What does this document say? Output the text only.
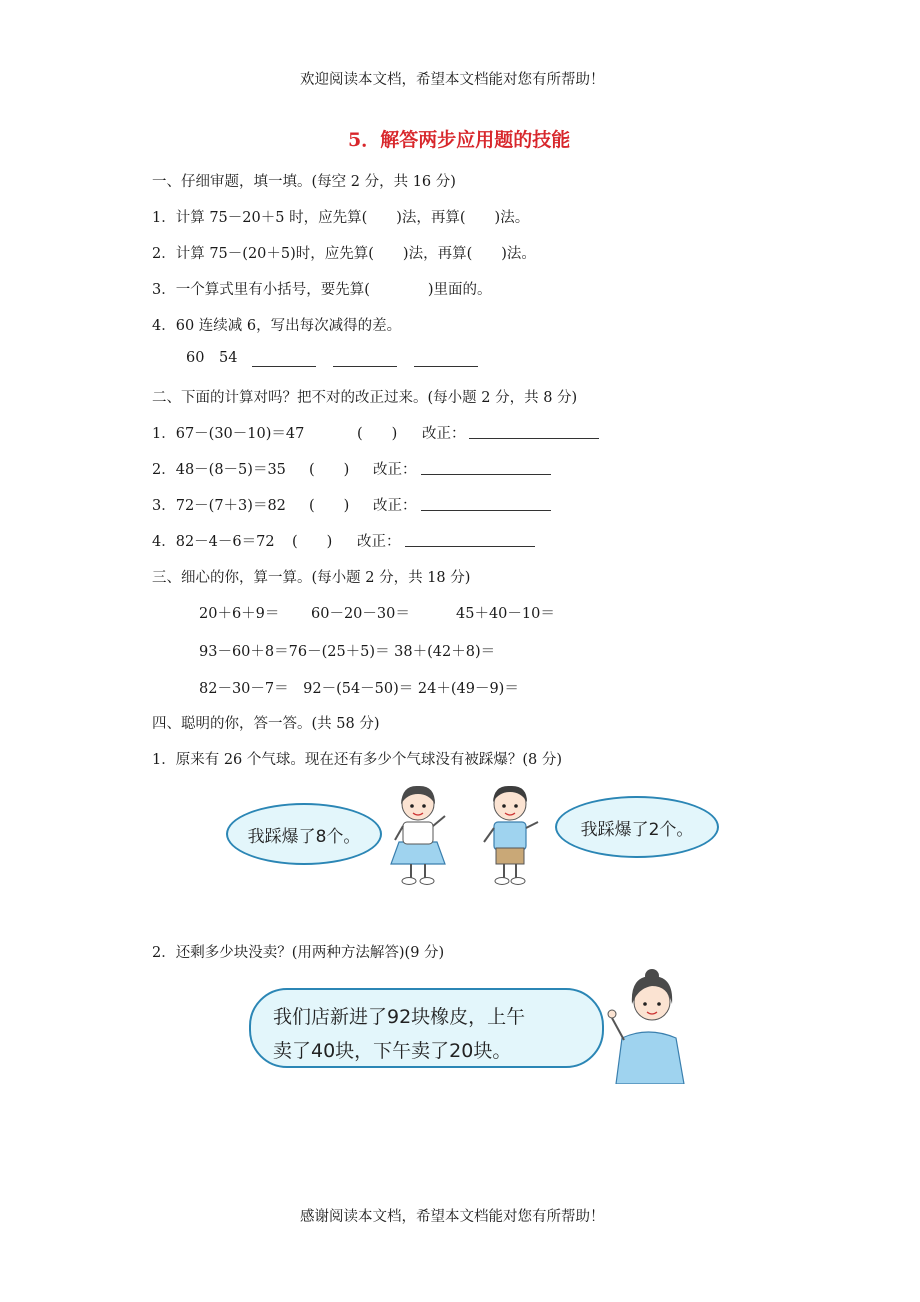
欢迎阅读本文档，希望本文档能对您有所帮助！
感谢阅读本文档，希望本文档能对您有所帮助！
5．解答两步应用题的技能
一、仔细审题，填一填。(每空 2 分，共 16 分)
1．计算 75－20＋5 时，应先算(　　)法，再算(　　)法。
2．计算 75－(20＋5)时，应先算(　　)法，再算(　　)法。
3．一个算式里有小括号，要先算(　　　　)里面的。
4．60 连续减 6，写出每次减得的差。
60 54
二、下面的计算对吗？把不对的改正过来。(每小题 2 分，共 8 分)
1．67－(30－10)＝47	(　　) 改正：
2．48－(8－5)＝35 (　　) 改正：
3．72－(7＋3)＝82 (　　) 改正：
4．82－4－6＝72 (　　) 改正：
三、细心的你，算一算。(每小题 2 分，共 18 分)
20＋6＋9＝ 60－20－30＝	45＋40－10＝
93－60＋8＝76－(25＋5)＝ 38＋(42＋8)＝
82－30－7＝　92－(54－50)＝ 24＋(49－9)＝
四、聪明的你，答一答。(共 58 分)
1．原来有 26 个气球。现在还有多少个气球没有被踩爆？(8 分)
我踩爆了8个。	我踩爆了2个。
2．还剩多少块没卖？(用两种方法解答)(9 分)
我们店新进了92块橡皮，上午
卖了40块，下午卖了20块。
